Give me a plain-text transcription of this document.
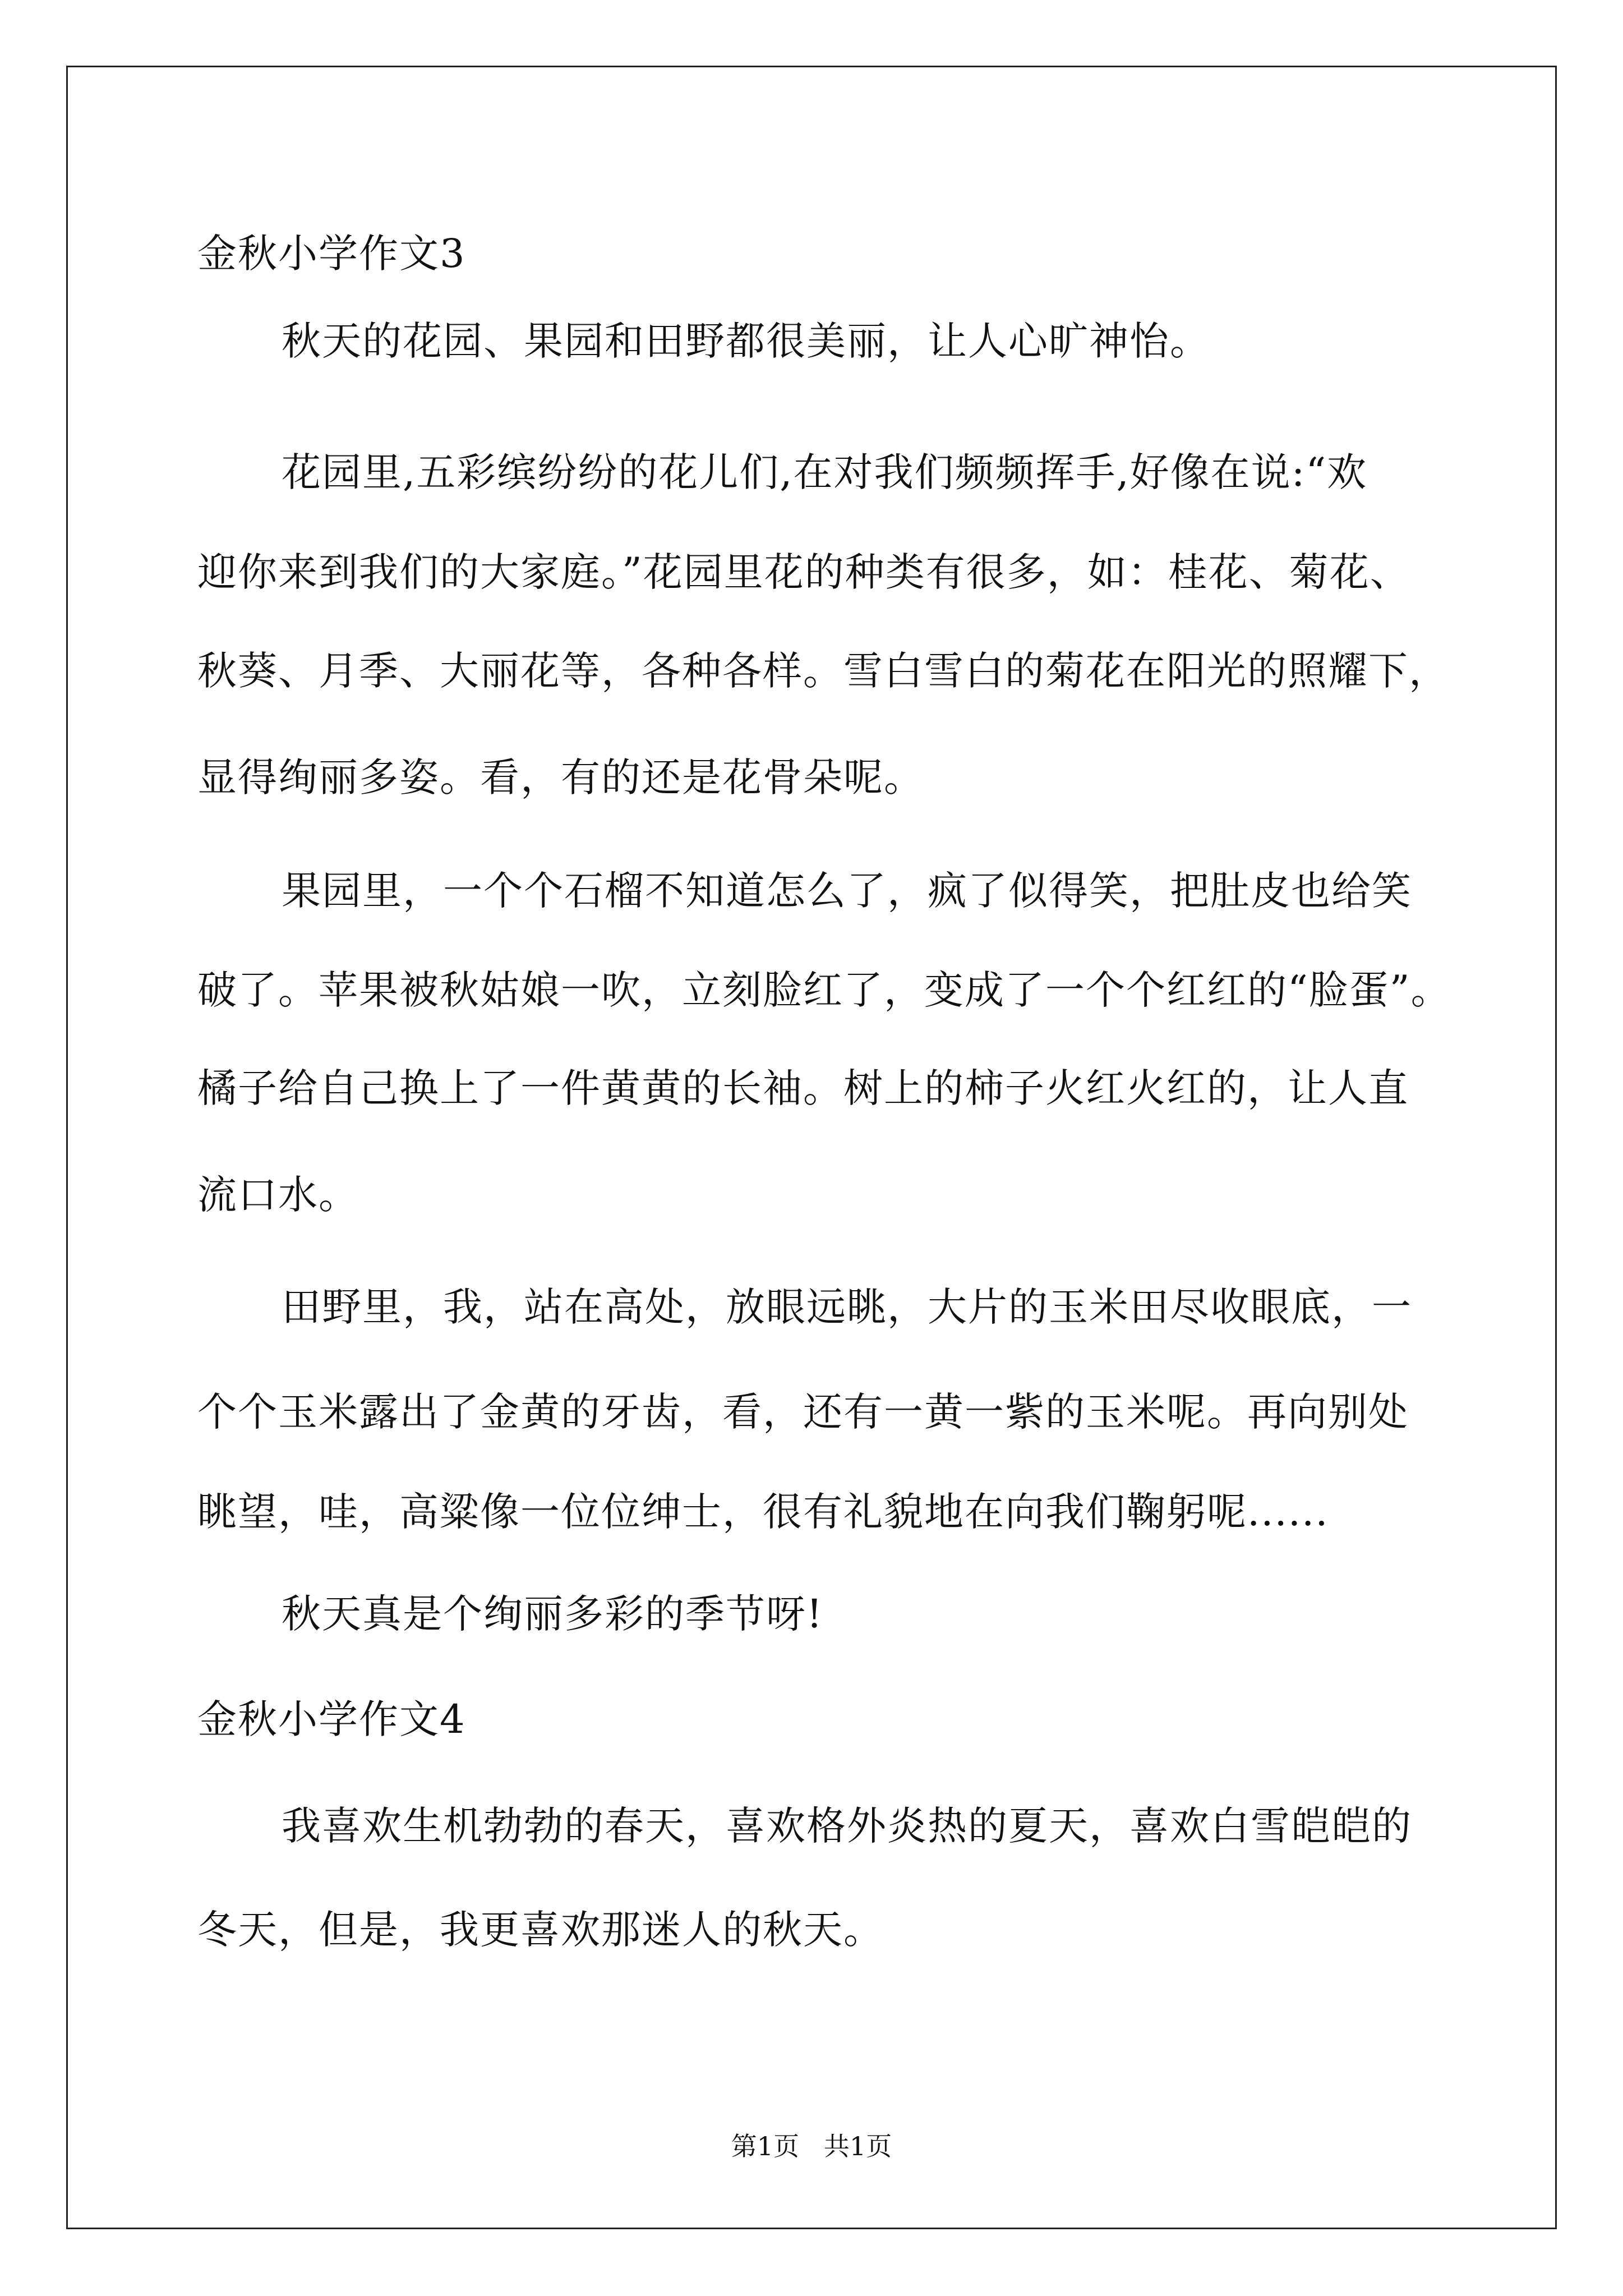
金秋小学作文3
秋天的花园、果园和田野都很美丽，让人心旷神怡。
花园里,五彩缤纷纷的花儿们,在对我们频频挥手,好像在说:“欢
迎你来到我们的大家庭。”花园里花的种类有很多，如：桂花、菊花、
秋葵、月季、大丽花等，各种各样。雪白雪白的菊花在阳光的照耀下，
显得绚丽多姿。看，有的还是花骨朵呢。
果园里，一个个石榴不知道怎么了，疯了似得笑，把肚皮也给笑
破了。苹果被秋姑娘一吹，立刻脸红了，变成了一个个红红的“脸蛋”。
橘子给自己换上了一件黄黄的长袖。树上的柿子火红火红的，让人直
流口水。
田野里，我，站在高处，放眼远眺，大片的玉米田尽收眼底，一
个个玉米露出了金黄的牙齿，看，还有一黄一紫的玉米呢。再向别处
眺望，哇，高粱像一位位绅士，很有礼貌地在向我们鞠躬呢......
秋天真是个绚丽多彩的季节呀!
金秋小学作文4
我喜欢生机勃勃的春天，喜欢格外炎热的夏天，喜欢白雪皑皑的
冬天，但是，我更喜欢那迷人的秋天。
第1页   共1页
